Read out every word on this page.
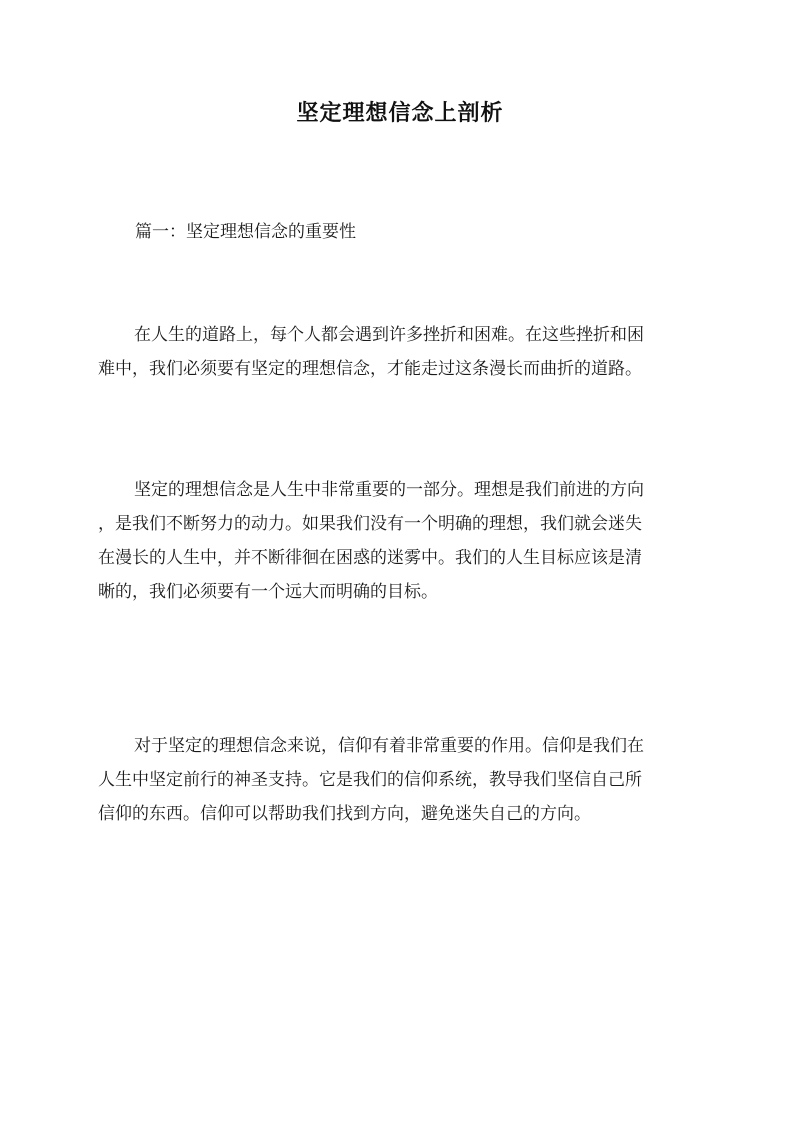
坚定理想信念上剖析
篇一：坚定理想信念的重要性
在人生的道路上，每个人都会遇到许多挫折和困难。在这些挫折和困
难中，我们必须要有坚定的理想信念，才能走过这条漫长而曲折的道路。
坚定的理想信念是人生中非常重要的一部分。理想是我们前进的方向
，是我们不断努力的动力。如果我们没有一个明确的理想，我们就会迷失
在漫长的人生中，并不断徘徊在困惑的迷雾中。我们的人生目标应该是清
晰的，我们必须要有一个远大而明确的目标。
对于坚定的理想信念来说，信仰有着非常重要的作用。信仰是我们在
人生中坚定前行的神圣支持。它是我们的信仰系统，教导我们坚信自己所
信仰的东西。信仰可以帮助我们找到方向，避免迷失自己的方向。
